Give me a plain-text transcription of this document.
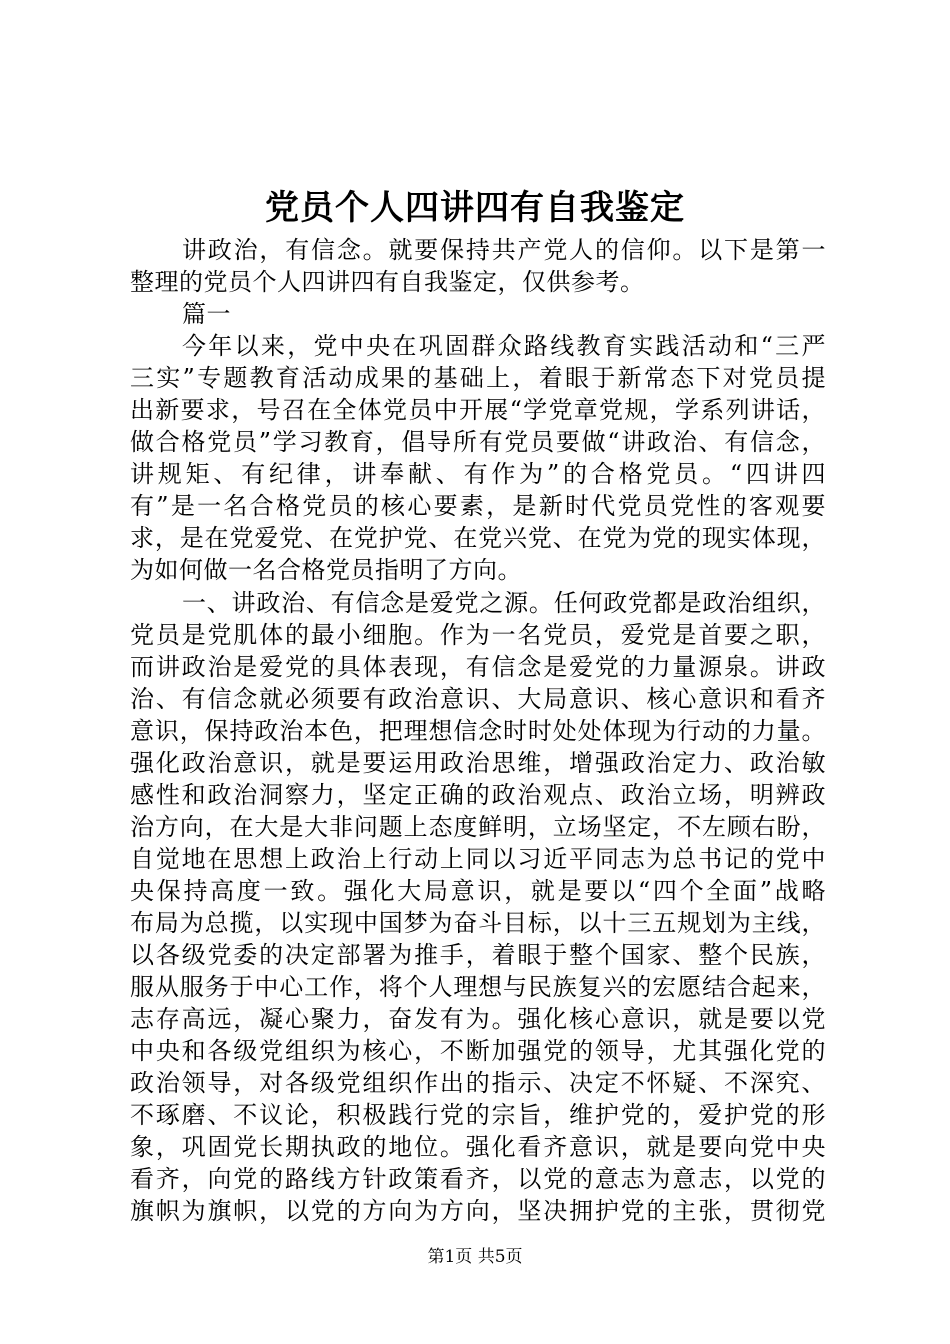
党员个人四讲四有自我鉴定
讲政治，有信念。就要保持共产党人的信仰。以下是第一
整理的党员个人四讲四有自我鉴定，仅供参考。
篇一
今年以来，党中央在巩固群众路线教育实践活动和“三严
三实”专题教育活动成果的基础上，着眼于新常态下对党员提
出新要求，号召在全体党员中开展“学党章党规，学系列讲话，
做合格党员”学习教育，倡导所有党员要做“讲政治、有信念，
讲规矩、有纪律，讲奉献、有作为”的合格党员。“四讲四
有”是一名合格党员的核心要素，是新时代党员党性的客观要
求，是在党爱党、在党护党、在党兴党、在党为党的现实体现，
为如何做一名合格党员指明了方向。
一、讲政治、有信念是爱党之源。任何政党都是政治组织，
党员是党肌体的最小细胞。作为一名党员，爱党是首要之职，
而讲政治是爱党的具体表现，有信念是爱党的力量源泉。讲政
治、有信念就必须要有政治意识、大局意识、核心意识和看齐
意识，保持政治本色，把理想信念时时处处体现为行动的力量。
强化政治意识，就是要运用政治思维，增强政治定力、政治敏
感性和政治洞察力，坚定正确的政治观点、政治立场，明辨政
治方向，在大是大非问题上态度鲜明，立场坚定，不左顾右盼，
自觉地在思想上政治上行动上同以习近平同志为总书记的党中
央保持高度一致。强化大局意识，就是要以“四个全面”战略
布局为总揽，以实现中国梦为奋斗目标，以十三五规划为主线，
以各级党委的决定部署为推手，着眼于整个国家、整个民族，
服从服务于中心工作，将个人理想与民族复兴的宏愿结合起来，
志存高远，凝心聚力，奋发有为。强化核心意识，就是要以党
中央和各级党组织为核心，不断加强党的领导，尤其强化党的
政治领导，对各级党组织作出的指示、决定不怀疑、不深究、
不琢磨、不议论，积极践行党的宗旨，维护党的，爱护党的形
象，巩固党长期执政的地位。强化看齐意识，就是要向党中央
看齐，向党的路线方针政策看齐，以党的意志为意志，以党的
旗帜为旗帜，以党的方向为方向，坚决拥护党的主张，贯彻党
第1页 共5页
